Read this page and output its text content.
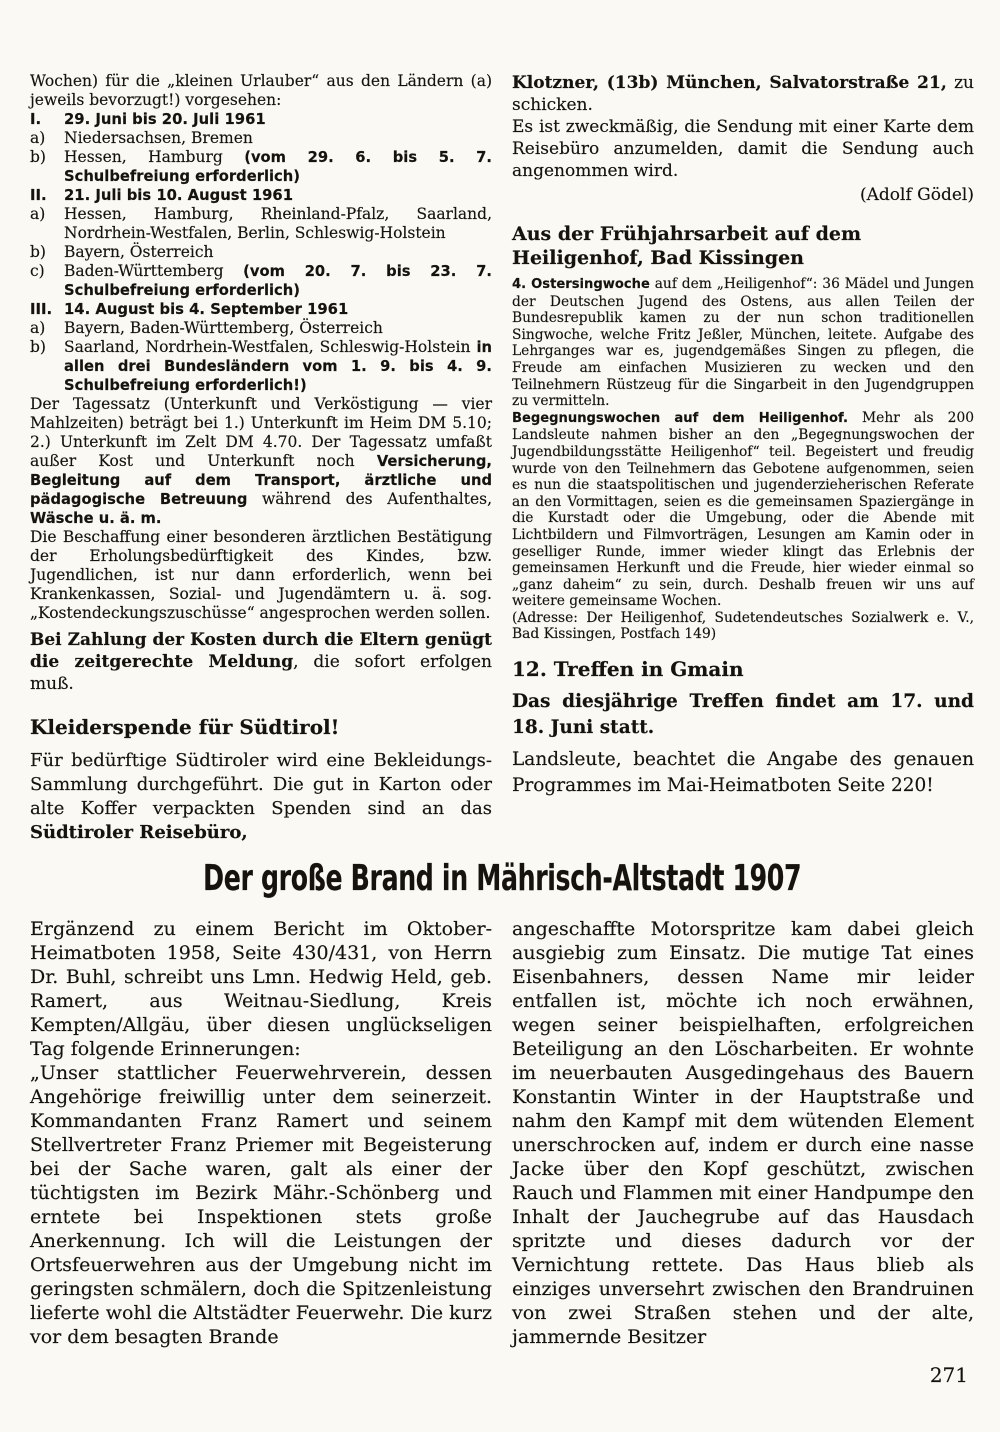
Wochen) für die „kleinen Urlauber“ aus den Ländern (a) jeweils bevorzugt!) vorgesehen:

I.	29. Juni bis 20. Juli 1961
a)	Niedersachsen, Bremen
b)	Hessen, Hamburg (vom 29. 6. bis 5. 7. Schulbefreiung erforderlich)
II.	21. Juli bis 10. August 1961
a)	Hessen, Hamburg, Rheinland-Pfalz, Saarland, Nordrhein-Westfalen, Berlin, Schleswig-Holstein
b)	Bayern, Österreich
c)	Baden-Württemberg (vom 20. 7. bis 23. 7. Schulbefreiung erforderlich)
III. 14. August bis 4. September 1961
a)	Bayern, Baden-Württemberg, Österreich
b)	Saarland, Nordrhein-Westfalen, Schleswig-Holstein in allen drei Bundesländern vom 1. 9. bis 4. 9. Schulbefreiung erforderlich!)

Der Tagessatz (Unterkunft und Verköstigung — vier Mahlzeiten) beträgt bei 1.) Unterkunft im Heim DM 5.10; 2.) Unterkunft im Zelt DM 4.70. Der Tagessatz umfaßt außer Kost und Unterkunft noch Versicherung, Begleitung auf dem Transport, ärztliche und pädagogische Betreuung während des Aufenthaltes, Wäsche u. ä. m.

Die Beschaffung einer besonderen ärztlichen Bestätigung der Erholungsbedürftigkeit des Kindes, bzw. Jugendlichen, ist nur dann erforderlich, wenn bei Krankenkassen, Sozial- und Jugendämtern u. ä. sog. „Kostendeckungszuschüsse“ angesprochen werden sollen.

Bei Zahlung der Kosten durch die Eltern genügt die zeitgerechte Meldung, die sofort erfolgen muß.

Kleiderspende für Südtirol!

Für bedürftige Südtiroler wird eine Bekleidungs-Sammlung durchgeführt. Die gut in Karton oder alte Koffer verpackten Spenden sind an das Südtiroler Reisebüro,

Klotzner, (13b) München, Salvatorstraße 21, zu schicken.

Es ist zweckmäßig, die Sendung mit einer Karte dem Reisebüro anzumelden, damit die Sendung auch angenommen wird.

(Adolf Gödel)

Aus der Frühjahrsarbeit auf dem Heiligenhof, Bad Kissingen

4. Ostersingwoche auf dem „Heiligenhof“: 36 Mädel und Jungen der Deutschen Jugend des Ostens, aus allen Teilen der Bundesrepublik kamen zu der nun schon traditionellen Singwoche, welche Fritz Jeßler, München, leitete. Aufgabe des Lehrganges war es, jugendgemäßes Singen zu pflegen, die Freude am einfachen Musizieren zu wecken und den Teilnehmern Rüstzeug für die Singarbeit in den Jugendgruppen zu vermitteln.

Begegnungswochen auf dem Heiligenhof. Mehr als 200 Landsleute nahmen bisher an den „Begegnungswochen der Jugendbildungsstätte Heiligenhof“ teil. Begeistert und freudig wurde von den Teilnehmern das Gebotene aufgenommen, seien es nun die staatspolitischen und jugenderzieherischen Referate an den Vormittagen, seien es die gemeinsamen Spaziergänge in die Kurstadt oder die Umgebung, oder die Abende mit Lichtbildern und Filmvorträgen, Lesungen am Kamin oder in geselliger Runde, immer wieder klingt das Erlebnis der gemeinsamen Herkunft und die Freude, hier wieder einmal so „ganz daheim“ zu sein, durch. Deshalb freuen wir uns auf weitere gemeinsame Wochen.

(Adresse: Der Heiligenhof, Sudetendeutsches Sozialwerk e. V., Bad Kissingen, Postfach 149)

12. Treffen in Gmain

Das diesjährige Treffen findet am 17. und 18. Juni statt.

Landsleute, beachtet die Angabe des genauen Programmes im Mai-Heimatboten Seite 220!

Der große Brand in Mährisch-Altstadt 1907

Ergänzend zu einem Bericht im Oktober-Heimatboten 1958, Seite 430/431, von Herrn Dr. Buhl, schreibt uns Lmn. Hedwig Held, geb. Ramert, aus Weitnau-Siedlung, Kreis Kempten/Allgäu, über diesen unglückseligen Tag folgende Erinnerungen:

„Unser stattlicher Feuerwehrverein, dessen Angehörige freiwillig unter dem seinerzeit. Kommandanten Franz Ramert und seinem Stellvertreter Franz Priemer mit Begeisterung bei der Sache waren, galt als einer der tüchtigsten im Bezirk Mähr.-Schönberg und erntete bei Inspektionen stets große Anerkennung. Ich will die Leistungen der Ortsfeuerwehren aus der Umgebung nicht im geringsten schmälern, doch die Spitzenleistung lieferte wohl die Altstädter Feuerwehr. Die kurz vor dem besagten Brande

angeschaffte Motorspritze kam dabei gleich ausgiebig zum Einsatz. Die mutige Tat eines Eisenbahners, dessen Name mir leider entfallen ist, möchte ich noch erwähnen, wegen seiner beispielhaften, erfolgreichen Beteiligung an den Löscharbeiten. Er wohnte im neuerbauten Ausgedingehaus des Bauern Konstantin Winter in der Hauptstraße und nahm den Kampf mit dem wütenden Element unerschrocken auf, indem er durch eine nasse Jacke über den Kopf geschützt, zwischen Rauch und Flammen mit einer Handpumpe den Inhalt der Jauchegrube auf das Hausdach spritzte und dieses dadurch vor der Vernichtung rettete. Das Haus blieb als einziges unversehrt zwischen den Brandruinen von zwei Straßen stehen und der alte, jammernde Besitzer

271
